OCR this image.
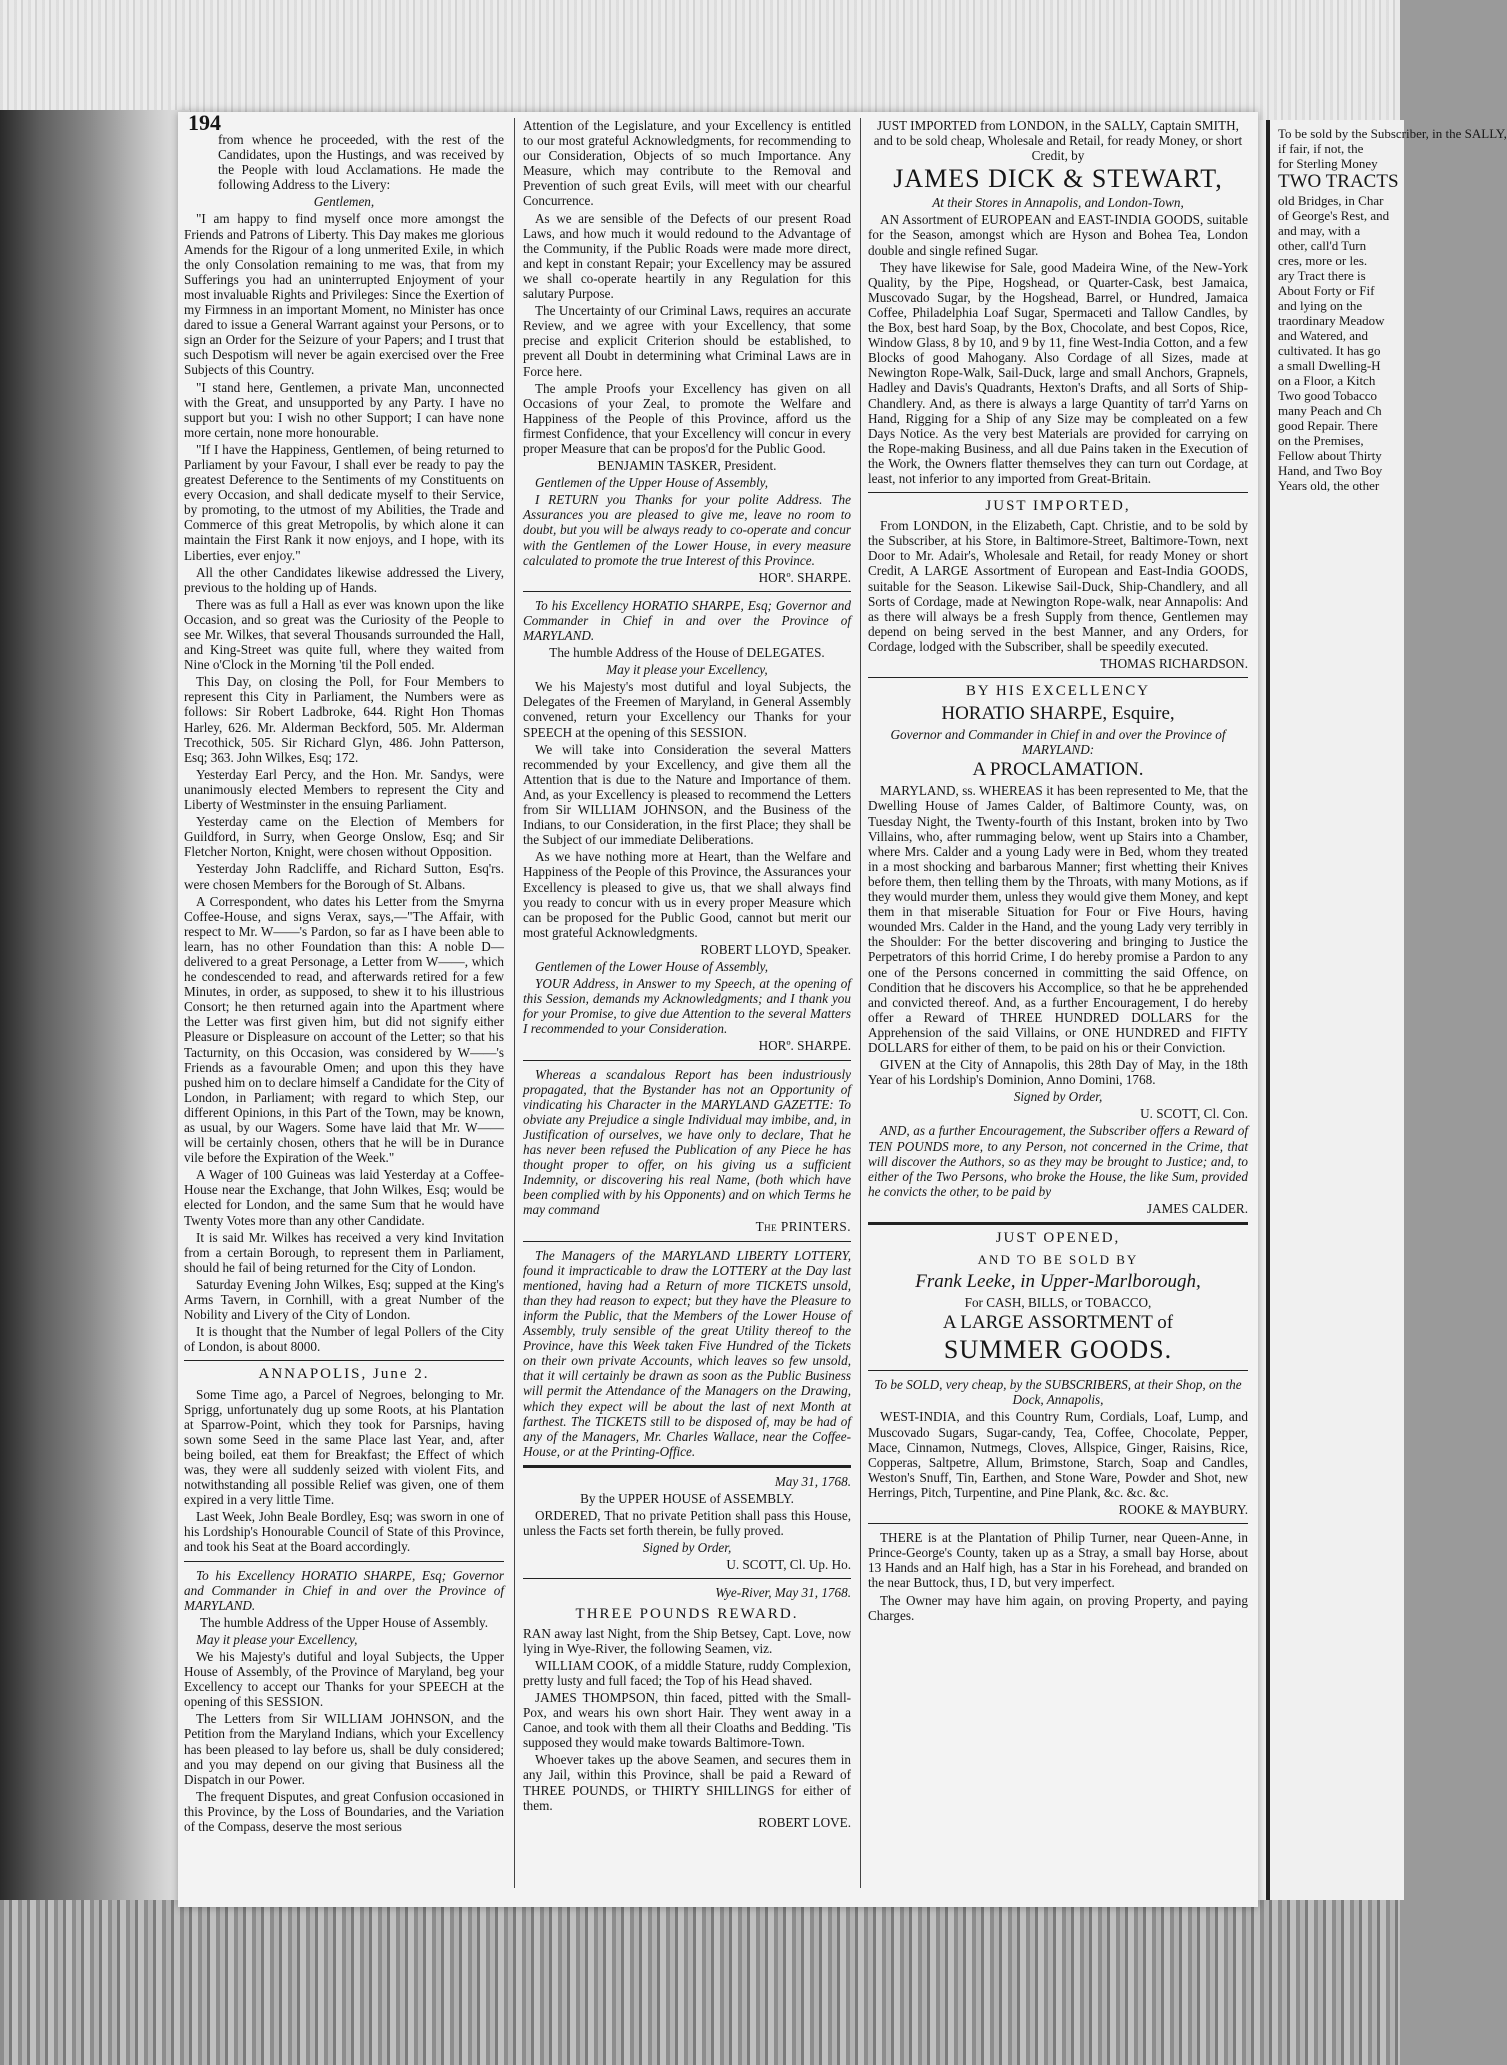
194

from whence he proceeded, with the rest of the Candidates, upon the Hustings, and was received by the People with loud Acclamations. He made the following Address to the Livery:

Gentlemen,

"I am happy to find myself once more amongst the Friends and Patrons of Liberty. This Day makes me glorious Amends for the Rigour of a long unmerited Exile, in which the only Consolation remaining to me was, that from my Sufferings you had an uninterrupted Enjoyment of your most invaluable Rights and Privileges: Since the Exertion of my Firmness in an important Moment, no Minister has once dared to issue a General Warrant against your Persons, or to sign an Order for the Seizure of your Papers; and I trust that such Despotism will never be again exercised over the Free Subjects of this Country.

"I stand here, Gentlemen, a private Man, unconnected with the Great, and unsupported by any Party. I have no support but you: I wish no other Support; I can have none more certain, none more honourable.

"If I have the Happiness, Gentlemen, of being returned to Parliament by your Favour, I shall ever be ready to pay the greatest Deference to the Sentiments of my Constituents on every Occasion, and shall dedicate myself to their Service, by promoting, to the utmost of my Abilities, the Trade and Commerce of this great Metropolis, by which alone it can maintain the First Rank it now enjoys, and I hope, with its Liberties, ever enjoy."

All the other Candidates likewise addressed the Livery, previous to the holding up of Hands.

There was as full a Hall as ever was known upon the like Occasion, and so great was the Curiosity of the People to see Mr. Wilkes, that several Thousands surrounded the Hall, and King-Street was quite full, where they waited from Nine o'Clock in the Morning 'til the Poll ended.

This Day, on closing the Poll, for Four Members to represent this City in Parliament, the Numbers were as follows: Sir Robert Ladbroke, 644. Right Hon Thomas Harley, 626. Mr. Alderman Beckford, 505. Mr. Alderman Trecothick, 505. Sir Richard Glyn, 486. John Patterson, Esq; 363. John Wilkes, Esq; 172.

Yesterday Earl Percy, and the Hon. Mr. Sandys, were unanimously elected Members to represent the City and Liberty of Westminster in the ensuing Parliament.

Yesterday came on the Election of Members for Guildford, in Surry, when George Onslow, Esq; and Sir Fletcher Norton, Knight, were chosen without Opposition.

Yesterday John Radcliffe, and Richard Sutton, Esq'rs. were chosen Members for the Borough of St. Albans.

A Correspondent, who dates his Letter from the Smyrna Coffee-House, and signs Verax, says,—"The Affair, with respect to Mr. W——'s Pardon, so far as I have been able to learn, has no other Foundation than this: A noble D— delivered to a great Personage, a Letter from W——, which he condescended to read, and afterwards retired for a few Minutes, in order, as supposed, to shew it to his illustrious Consort; he then returned again into the Apartment where the Letter was first given him, but did not signify either Pleasure or Displeasure on account of the Letter; so that his Tacturnity, on this Occasion, was considered by W——'s Friends as a favourable Omen; and upon this they have pushed him on to declare himself a Candidate for the City of London, in Parliament; with regard to which Step, our different Opinions, in this Part of the Town, may be known, as usual, by our Wagers. Some have laid that Mr. W—— will be certainly chosen, others that he will be in Durance vile before the Expiration of the Week."

A Wager of 100 Guineas was laid Yesterday at a Coffee-House near the Exchange, that John Wilkes, Esq; would be elected for London, and the same Sum that he would have Twenty Votes more than any other Candidate.

It is said Mr. Wilkes has received a very kind Invitation from a certain Borough, to represent them in Parliament, should he fail of being returned for the City of London.

Saturday Evening John Wilkes, Esq; supped at the King's Arms Tavern, in Cornhill, with a great Number of the Nobility and Livery of the City of London.

It is thought that the Number of legal Pollers of the City of London, is about 8000.

ANNAPOLIS, June 2.

Some Time ago, a Parcel of Negroes, belonging to Mr. Sprigg, unfortunately dug up some Roots, at his Plantation at Sparrow-Point, which they took for Parsnips, having sown some Seed in the same Place last Year, and, after being boiled, eat them for Breakfast; the Effect of which was, they were all suddenly seized with violent Fits, and notwithstanding all possible Relief was given, one of them expired in a very little Time.

Last Week, John Beale Bordley, Esq; was sworn in one of his Lordship's Honourable Council of State of this Province, and took his Seat at the Board accordingly.

To his Excellency HORATIO SHARPE, Esq; Governor and Commander in Chief in and over the Province of MARYLAND.

The humble Address of the Upper House of Assembly.

May it please your Excellency,

We his Majesty's dutiful and loyal Subjects, the Upper House of Assembly, of the Province of Maryland, beg your Excellency to accept our Thanks for your SPEECH at the opening of this SESSION.

The Letters from Sir WILLIAM JOHNSON, and the Petition from the Maryland Indians, which your Excellency has been pleased to lay before us, shall be duly considered; and you may depend on our giving that Business all the Dispatch in our Power.

The frequent Disputes, and great Confusion occasioned in this Province, by the Loss of Boundaries, and the Variation of the Compass, deserve the most serious

Attention of the Legislature, and your Excellency is entitled to our most grateful Acknowledgments, for recommending to our Consideration, Objects of so much Importance. Any Measure, which may contribute to the Removal and Prevention of such great Evils, will meet with our chearful Concurrence.

As we are sensible of the Defects of our present Road Laws, and how much it would redound to the Advantage of the Community, if the Public Roads were made more direct, and kept in constant Repair; your Excellency may be assured we shall co-operate heartily in any Regulation for this salutary Purpose.

The Uncertainty of our Criminal Laws, requires an accurate Review, and we agree with your Excellency, that some precise and explicit Criterion should be established, to prevent all Doubt in determining what Criminal Laws are in Force here.

The ample Proofs your Excellency has given on all Occasions of your Zeal, to promote the Welfare and Happiness of the People of this Province, afford us the firmest Confidence, that your Excellency will concur in every proper Measure that can be propos'd for the Public Good.

BENJAMIN TASKER, President.

Gentlemen of the Upper House of Assembly,

I RETURN you Thanks for your polite Address. The Assurances you are pleased to give me, leave no room to doubt, but you will be always ready to co-operate and concur with the Gentlemen of the Lower House, in every measure calculated to promote the true Interest of this Province.

HORº. SHARPE.

To his Excellency HORATIO SHARPE, Esq; Governor and Commander in Chief in and over the Province of MARYLAND.

The humble Address of the House of DELEGATES.

May it please your Excellency,

We his Majesty's most dutiful and loyal Subjects, the Delegates of the Freemen of Maryland, in General Assembly convened, return your Excellency our Thanks for your SPEECH at the opening of this SESSION.

We will take into Consideration the several Matters recommended by your Excellency, and give them all the Attention that is due to the Nature and Importance of them. And, as your Excellency is pleased to recommend the Letters from Sir WILLIAM JOHNSON, and the Business of the Indians, to our Consideration, in the first Place; they shall be the Subject of our immediate Deliberations.

As we have nothing more at Heart, than the Welfare and Happiness of the People of this Province, the Assurances your Excellency is pleased to give us, that we shall always find you ready to concur with us in every proper Measure which can be proposed for the Public Good, cannot but merit our most grateful Acknowledgments.

ROBERT LLOYD, Speaker.

Gentlemen of the Lower House of Assembly,

YOUR Address, in Answer to my Speech, at the opening of this Session, demands my Acknowledgments; and I thank you for your Promise, to give due Attention to the several Matters I recommended to your Consideration.

HORº. SHARPE.

Whereas a scandalous Report has been industriously propagated, that the Bystander has not an Opportunity of vindicating his Character in the MARYLAND GAZETTE: To obviate any Prejudice a single Individual may imbibe, and, in Justification of ourselves, we have only to declare, That he has never been refused the Publication of any Piece he has thought proper to offer, on his giving us a sufficient Indemnity, or discovering his real Name, (both which have been complied with by his Opponents) and on which Terms he may command

The PRINTERS.

The Managers of the MARYLAND LIBERTY LOTTERY, found it impracticable to draw the LOTTERY at the Day last mentioned, having had a Return of more TICKETS unsold, than they had reason to expect; but they have the Pleasure to inform the Public, that the Members of the Lower House of Assembly, truly sensible of the great Utility thereof to the Province, have this Week taken Five Hundred of the Tickets on their own private Accounts, which leaves so few unsold, that it will certainly be drawn as soon as the Public Business will permit the Attendance of the Managers on the Drawing, which they expect will be about the last of next Month at farthest. The TICKETS still to be disposed of, may be had of any of the Managers, Mr. Charles Wallace, near the Coffee-House, or at the Printing-Office.

May 31, 1768.

By the UPPER HOUSE of ASSEMBLY.

ORDERED, That no private Petition shall pass this House, unless the Facts set forth therein, be fully proved.

Signed by Order,

U. SCOTT, Cl. Up. Ho.

Wye-River, May 31, 1768.

THREE POUNDS REWARD.

RAN away last Night, from the Ship Betsey, Capt. Love, now lying in Wye-River, the following Seamen, viz.

WILLIAM COOK, of a middle Stature, ruddy Complexion, pretty lusty and full faced; the Top of his Head shaved.

JAMES THOMPSON, thin faced, pitted with the Small-Pox, and wears his own short Hair. They went away in a Canoe, and took with them all their Cloaths and Bedding. 'Tis supposed they would make towards Baltimore-Town.

Whoever takes up the above Seamen, and secures them in any Jail, within this Province, shall be paid a Reward of THREE POUNDS, or THIRTY SHILLINGS for either of them.

ROBERT LOVE.

JUST IMPORTED from LONDON, in the SALLY, Captain SMITH, and to be sold cheap, Wholesale and Retail, for ready Money, or short Credit, by

JAMES DICK & STEWART,

At their Stores in Annapolis, and London-Town,

AN Assortment of EUROPEAN and EAST-INDIA GOODS, suitable for the Season, amongst which are Hyson and Bohea Tea, London double and single refined Sugar.

They have likewise for Sale, good Madeira Wine, of the New-York Quality, by the Pipe, Hogshead, or Quarter-Cask, best Jamaica, Muscovado Sugar, by the Hogshead, Barrel, or Hundred, Jamaica Coffee, Philadelphia Loaf Sugar, Spermaceti and Tallow Candles, by the Box, best hard Soap, by the Box, Chocolate, and best Copos, Rice, Window Glass, 8 by 10, and 9 by 11, fine West-India Cotton, and a few Blocks of good Mahogany. Also Cordage of all Sizes, made at Newington Rope-Walk, Sail-Duck, large and small Anchors, Grapnels, Hadley and Davis's Quadrants, Hexton's Drafts, and all Sorts of Ship-Chandlery. And, as there is always a large Quantity of tarr'd Yarns on Hand, Rigging for a Ship of any Size may be compleated on a few Days Notice. As the very best Materials are provided for carrying on the Rope-making Business, and all due Pains taken in the Execution of the Work, the Owners flatter themselves they can turn out Cordage, at least, not inferior to any imported from Great-Britain.

JUST IMPORTED,

From LONDON, in the Elizabeth, Capt. Christie, and to be sold by the Subscriber, at his Store, in Baltimore-Street, Baltimore-Town, next Door to Mr. Adair's, Wholesale and Retail, for ready Money or short Credit, A LARGE Assortment of European and East-India GOODS, suitable for the Season. Likewise Sail-Duck, Ship-Chandlery, and all Sorts of Cordage, made at Newington Rope-walk, near Annapolis: And as there will always be a fresh Supply from thence, Gentlemen may depend on being served in the best Manner, and any Orders, for Cordage, lodged with the Subscriber, shall be speedily executed.

THOMAS RICHARDSON.

BY HIS EXCELLENCY

HORATIO SHARPE, Esquire,

Governor and Commander in Chief in and over the Province of MARYLAND:

A PROCLAMATION.

MARYLAND, ss. WHEREAS it has been represented to Me, that the Dwelling House of James Calder, of Baltimore County, was, on Tuesday Night, the Twenty-fourth of this Instant, broken into by Two Villains, who, after rummaging below, went up Stairs into a Chamber, where Mrs. Calder and a young Lady were in Bed, whom they treated in a most shocking and barbarous Manner; first whetting their Knives before them, then telling them by the Throats, with many Motions, as if they would murder them, unless they would give them Money, and kept them in that miserable Situation for Four or Five Hours, having wounded Mrs. Calder in the Hand, and the young Lady very terribly in the Shoulder: For the better discovering and bringing to Justice the Perpetrators of this horrid Crime, I do hereby promise a Pardon to any one of the Persons concerned in committing the said Offence, on Condition that he discovers his Accomplice, so that he be apprehended and convicted thereof. And, as a further Encouragement, I do hereby offer a Reward of THREE HUNDRED DOLLARS for the Apprehension of the said Villains, or ONE HUNDRED and FIFTY DOLLARS for either of them, to be paid on his or their Conviction.

GIVEN at the City of Annapolis, this 28th Day of May, in the 18th Year of his Lordship's Dominion, Anno Domini, 1768.

Signed by Order,

U. SCOTT, Cl. Con.

AND, as a further Encouragement, the Subscriber offers a Reward of TEN POUNDS more, to any Person, not concerned in the Crime, that will discover the Authors, so as they may be brought to Justice; and, to either of the Two Persons, who broke the House, the like Sum, provided he convicts the other, to be paid by

JAMES CALDER.

JUST OPENED,

AND TO BE SOLD BY

Frank Leeke, in Upper-Marlborough,

For CASH, BILLS, or TOBACCO,

A LARGE ASSORTMENT of

SUMMER GOODS.

To be SOLD, very cheap, by the SUBSCRIBERS, at their Shop, on the Dock, Annapolis,

WEST-INDIA, and this Country Rum, Cordials, Loaf, Lump, and Muscovado Sugars, Sugar-candy, Tea, Coffee, Chocolate, Pepper, Mace, Cinnamon, Nutmegs, Cloves, Allspice, Ginger, Raisins, Rice, Copperas, Saltpetre, Allum, Brimstone, Starch, Soap and Candles, Weston's Snuff, Tin, Earthen, and Stone Ware, Powder and Shot, new Herrings, Pitch, Turpentine, and Pine Plank, &c. &c. &c.

ROOKE & MAYBURY.

THERE is at the Plantation of Philip Turner, near Queen-Anne, in Prince-George's County, taken up as a Stray, a small bay Horse, about 13 Hands and an Half high, has a Star in his Forehead, and branded on the near Buttock, thus, I D, but very imperfect.

The Owner may have him again, on proving Property, and paying Charges.

To be sold by the Subscriber, in the SALLY,
if fair, if not, the
for Sterling Money
TWO TRACTS
old Bridges, in Char
of George's Rest, and
and may, with a
other, call'd Turn
cres, more or les.
ary Tract there is
About Forty or Fif
and lying on the
traordinary Meadow
and Watered, and
cultivated. It has go
a small Dwelling-H
on a Floor, a Kitch
Two good Tobacco
many Peach and Ch
good Repair. There
on the Premises,
Fellow about Thirty
Hand, and Two Boy
Years old, the other
